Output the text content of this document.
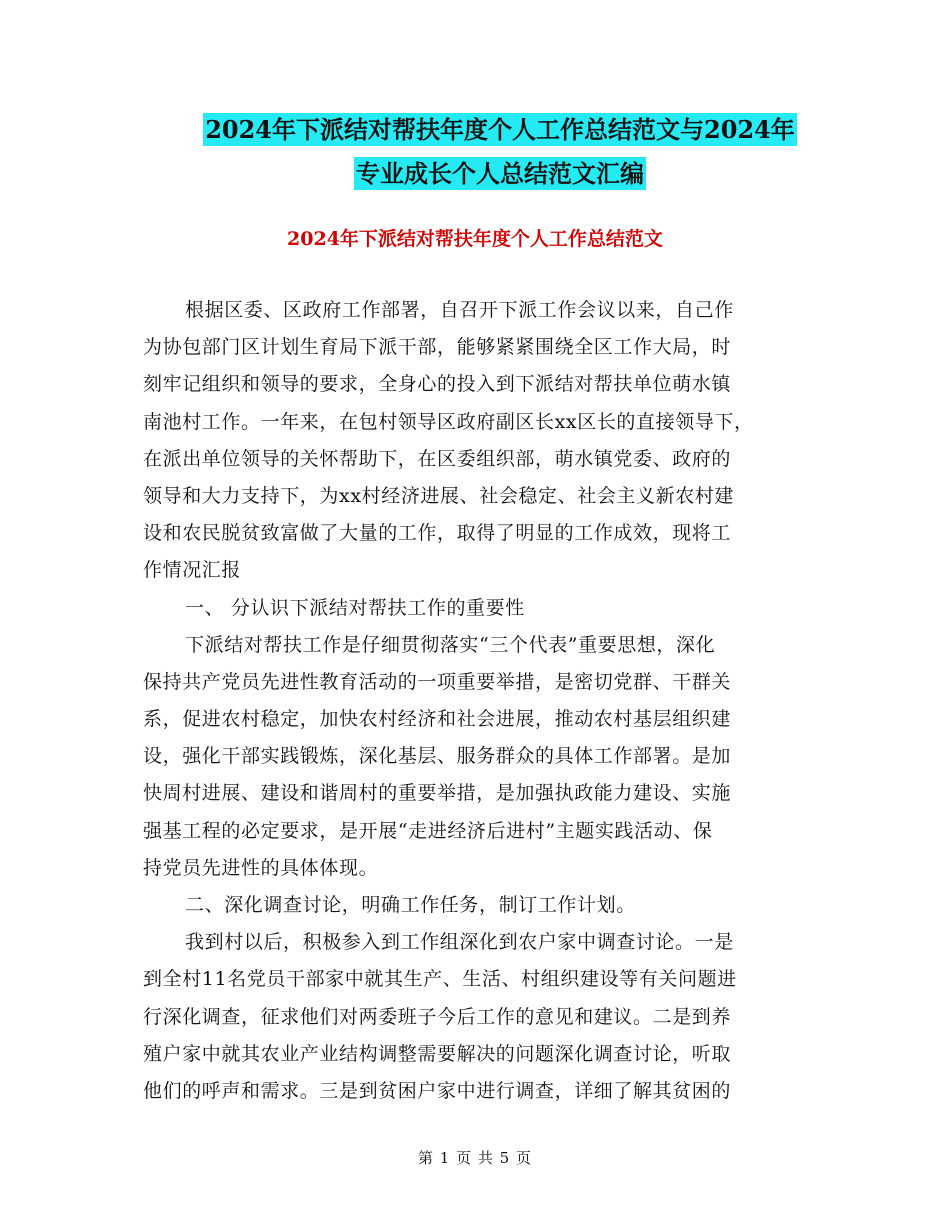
2024年下派结对帮扶年度个人工作总结范文与2024年
专业成长个人总结范文汇编
2024年下派结对帮扶年度个人工作总结范文
根据区委、区政府工作部署，自召开下派工作会议以来，自己作
为协包部门区计划生育局下派干部，能够紧紧围绕全区工作大局，时
刻牢记组织和领导的要求，全身心的投入到下派结对帮扶单位萌水镇
南池村工作。一年来，在包村领导区政府副区长xx区长的直接领导下，
在派出单位领导的关怀帮助下，在区委组织部，萌水镇党委、政府的
领导和大力支持下，为xx村经济进展、社会稳定、社会主义新农村建
设和农民脱贫致富做了大量的工作，取得了明显的工作成效，现将工
作情况汇报
一、 分认识下派结对帮扶工作的重要性
下派结对帮扶工作是仔细贯彻落实“三个代表”重要思想，深化
保持共产党员先进性教育活动的一项重要举措，是密切党群、干群关
系，促进农村稳定，加快农村经济和社会进展，推动农村基层组织建
设，强化干部实践锻炼，深化基层、服务群众的具体工作部署。是加
快周村进展、建设和谐周村的重要举措，是加强执政能力建设、实施
强基工程的必定要求，是开展“走进经济后进村”主题实践活动、保
持党员先进性的具体体现。
二、深化调查讨论，明确工作任务，制订工作计划。
我到村以后，积极参入到工作组深化到农户家中调查讨论。一是
到全村11名党员干部家中就其生产、生活、村组织建设等有关问题进
行深化调查，征求他们对两委班子今后工作的意见和建议。二是到养
殖户家中就其农业产业结构调整需要解决的问题深化调查讨论，听取
他们的呼声和需求。三是到贫困户家中进行调查，详细了解其贫困的
第 1 页 共 5 页
